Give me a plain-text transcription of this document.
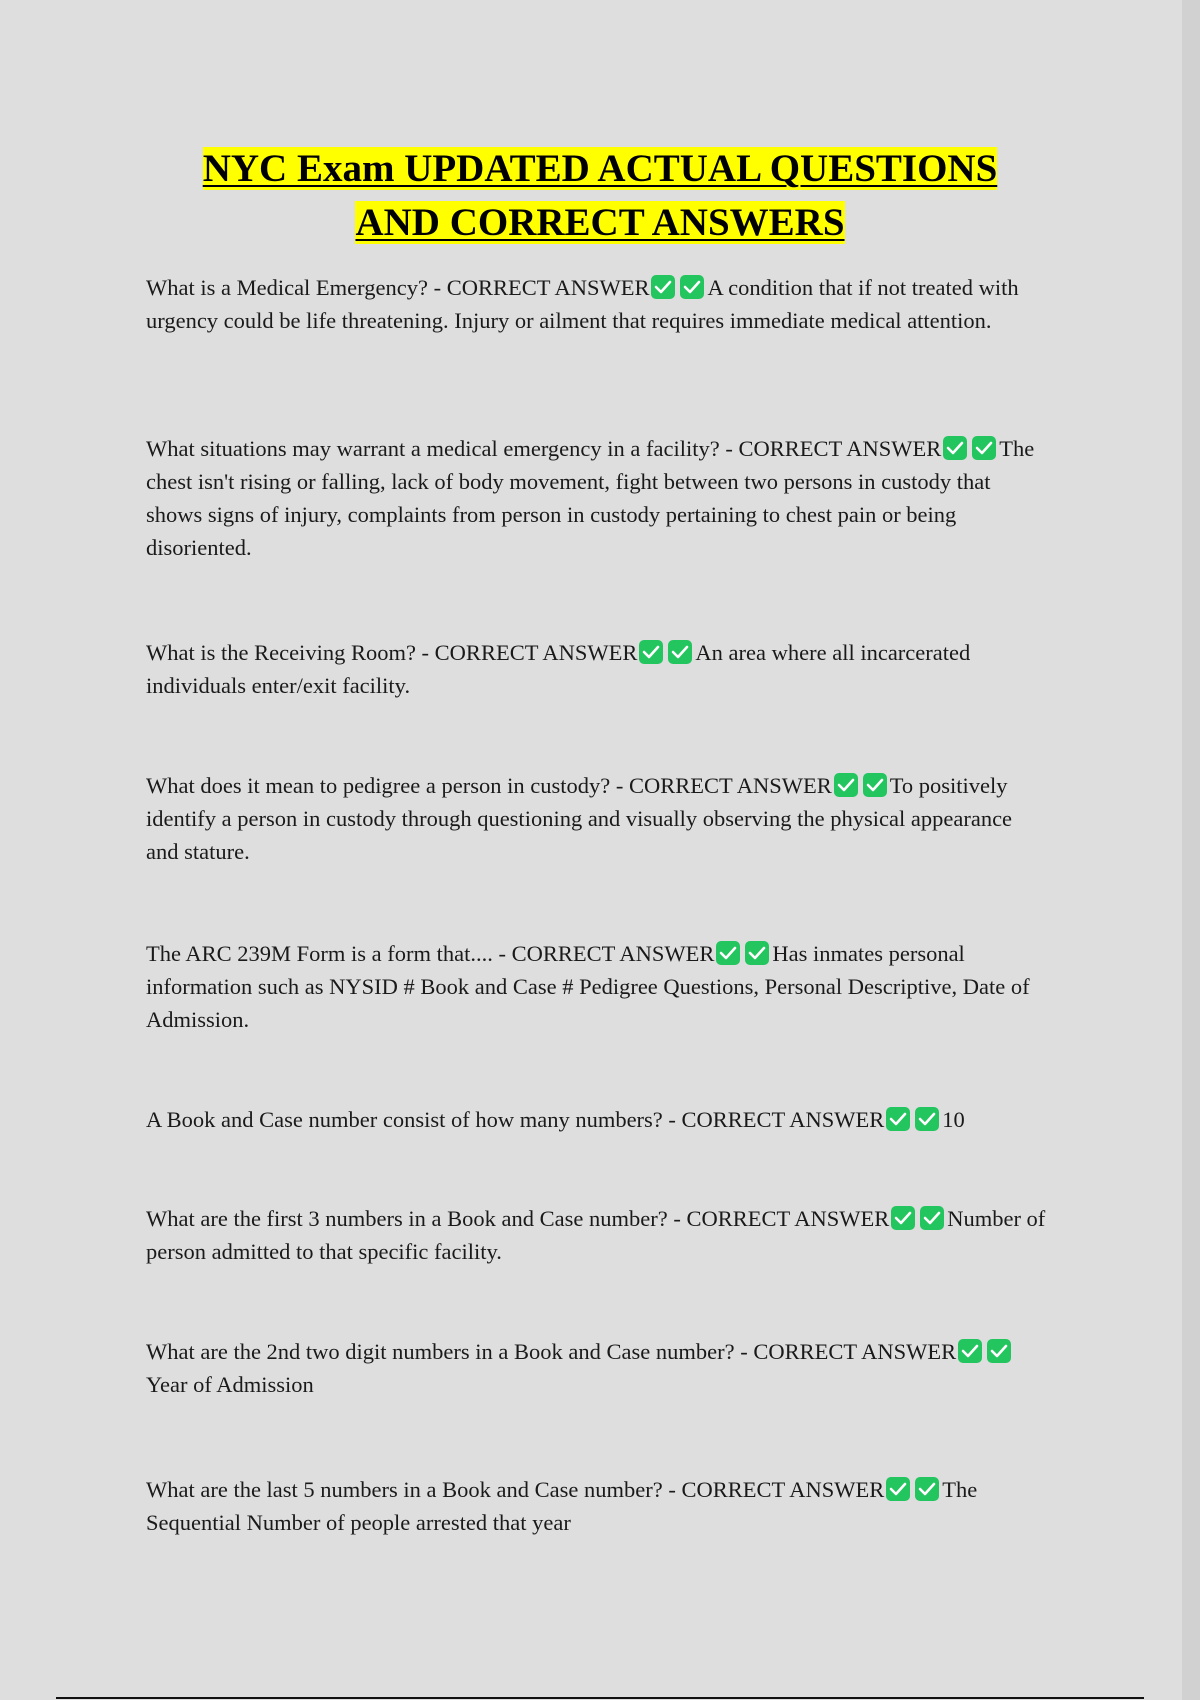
NYC Exam UPDATED ACTUAL QUESTIONS
AND CORRECT ANSWERS

What is a Medical Emergency? - CORRECT ANSWER	A condition that if not treated with urgency could be life threatening. Injury or ailment that requires immediate medical attention.

What situations may warrant a medical emergency in a facility? - CORRECT ANSWER	The chest isn't rising or falling, lack of body movement, fight between two persons in custody that shows signs of injury, complaints from person in custody pertaining to chest pain or being disoriented.

What is the Receiving Room? - CORRECT ANSWER	An area where all incarcerated individuals enter/exit facility.

What does it mean to pedigree a person in custody? - CORRECT ANSWER	To positively identify a person in custody through questioning and visually observing the physical appearance and stature.

The ARC 239M Form is a form that.... - CORRECT ANSWER	Has inmates personal information such as NYSID # Book and Case # Pedigree Questions, Personal Descriptive, Date of Admission.

A Book and Case number consist of how many numbers? - CORRECT ANSWER	10

What are the first 3 numbers in a Book and Case number? - CORRECT ANSWER	Number of person admitted to that specific facility.

What are the 2nd two digit numbers in a Book and Case number? - CORRECT ANSWER
Year of Admission

What are the last 5 numbers in a Book and Case number? - CORRECT ANSWER	The Sequential Number of people arrested that year
